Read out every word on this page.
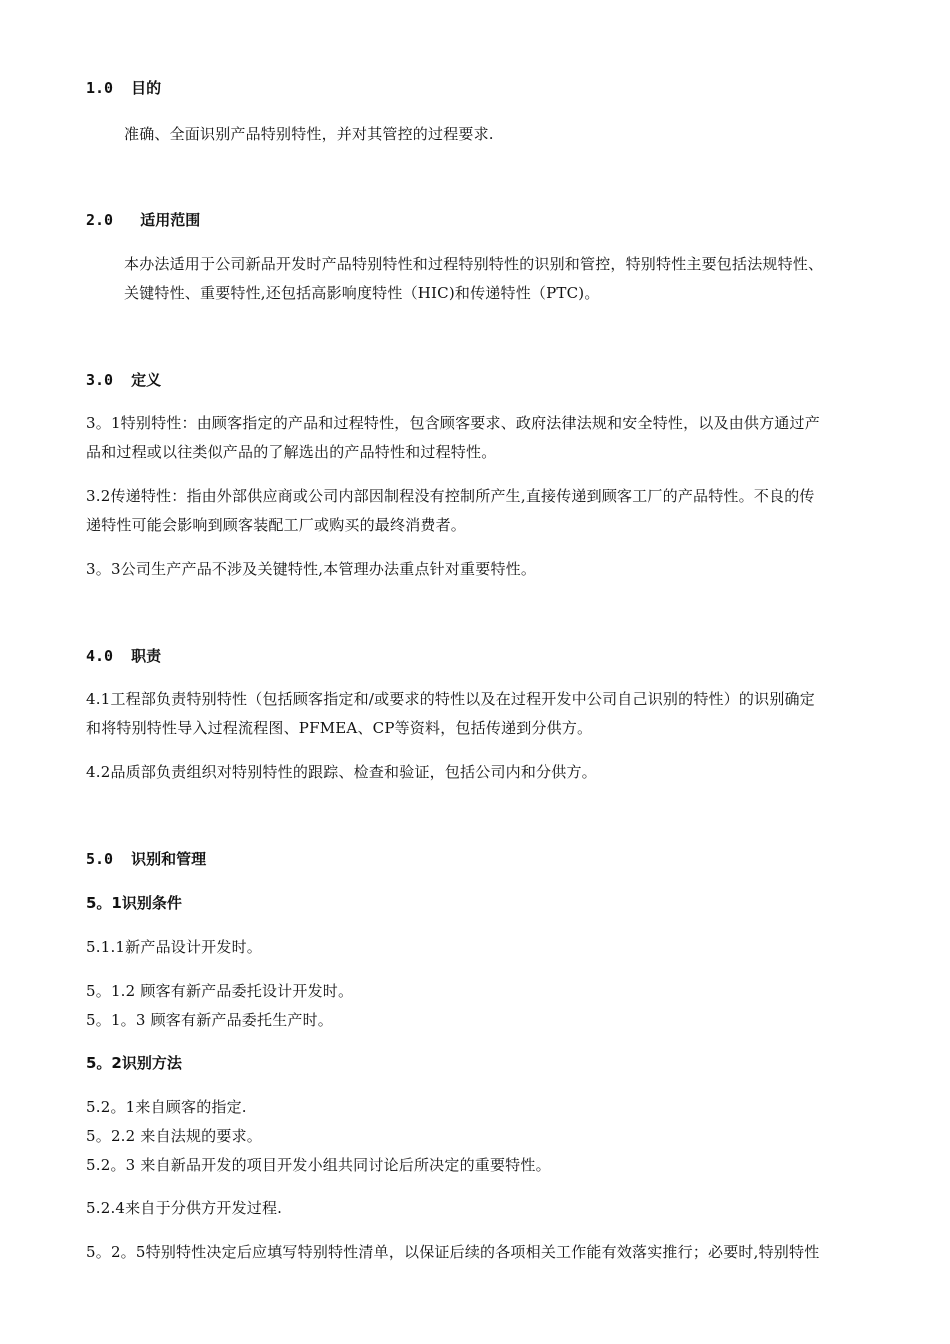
1.0 目的
准确、全面识别产品特别特性，并对其管控的过程要求.
2.0 适用范围
本办法适用于公司新品开发时产品特别特性和过程特别特性的识别和管控，特别特性主要包括法规特性、
关键特性、重要特性,还包括高影响度特性（HIC)和传递特性（PTC)。
3.0 定义
3。1特别特性：由顾客指定的产品和过程特性，包含顾客要求、政府法律法规和安全特性，以及由供方通过产
品和过程或以往类似产品的了解选出的产品特性和过程特性。
3.2传递特性：指由外部供应商或公司内部因制程没有控制所产生,直接传递到顾客工厂的产品特性。不良的传
递特性可能会影响到顾客装配工厂或购买的最终消费者。
3。3公司生产产品不涉及关键特性,本管理办法重点针对重要特性。
4.0 职责
4.1工程部负责特别特性（包括顾客指定和/或要求的特性以及在过程开发中公司自己识别的特性）的识别确定
和将特别特性导入过程流程图、PFMEA、CP等资料，包括传递到分供方。
4.2品质部负责组织对特别特性的跟踪、检查和验证，包括公司内和分供方。
5.0 识别和管理
5。1识别条件
5.1.1新产品设计开发时。
5。1.2 顾客有新产品委托设计开发时。
5。1。3 顾客有新产品委托生产时。
5。2识别方法
5.2。1来自顾客的指定.
5。2.2 来自法规的要求。
5.2。3 来自新品开发的项目开发小组共同讨论后所决定的重要特性。
5.2.4来自于分供方开发过程.
5。2。5特别特性决定后应填写特别特性清单，以保证后续的各项相关工作能有效落实推行；必要时,特别特性
